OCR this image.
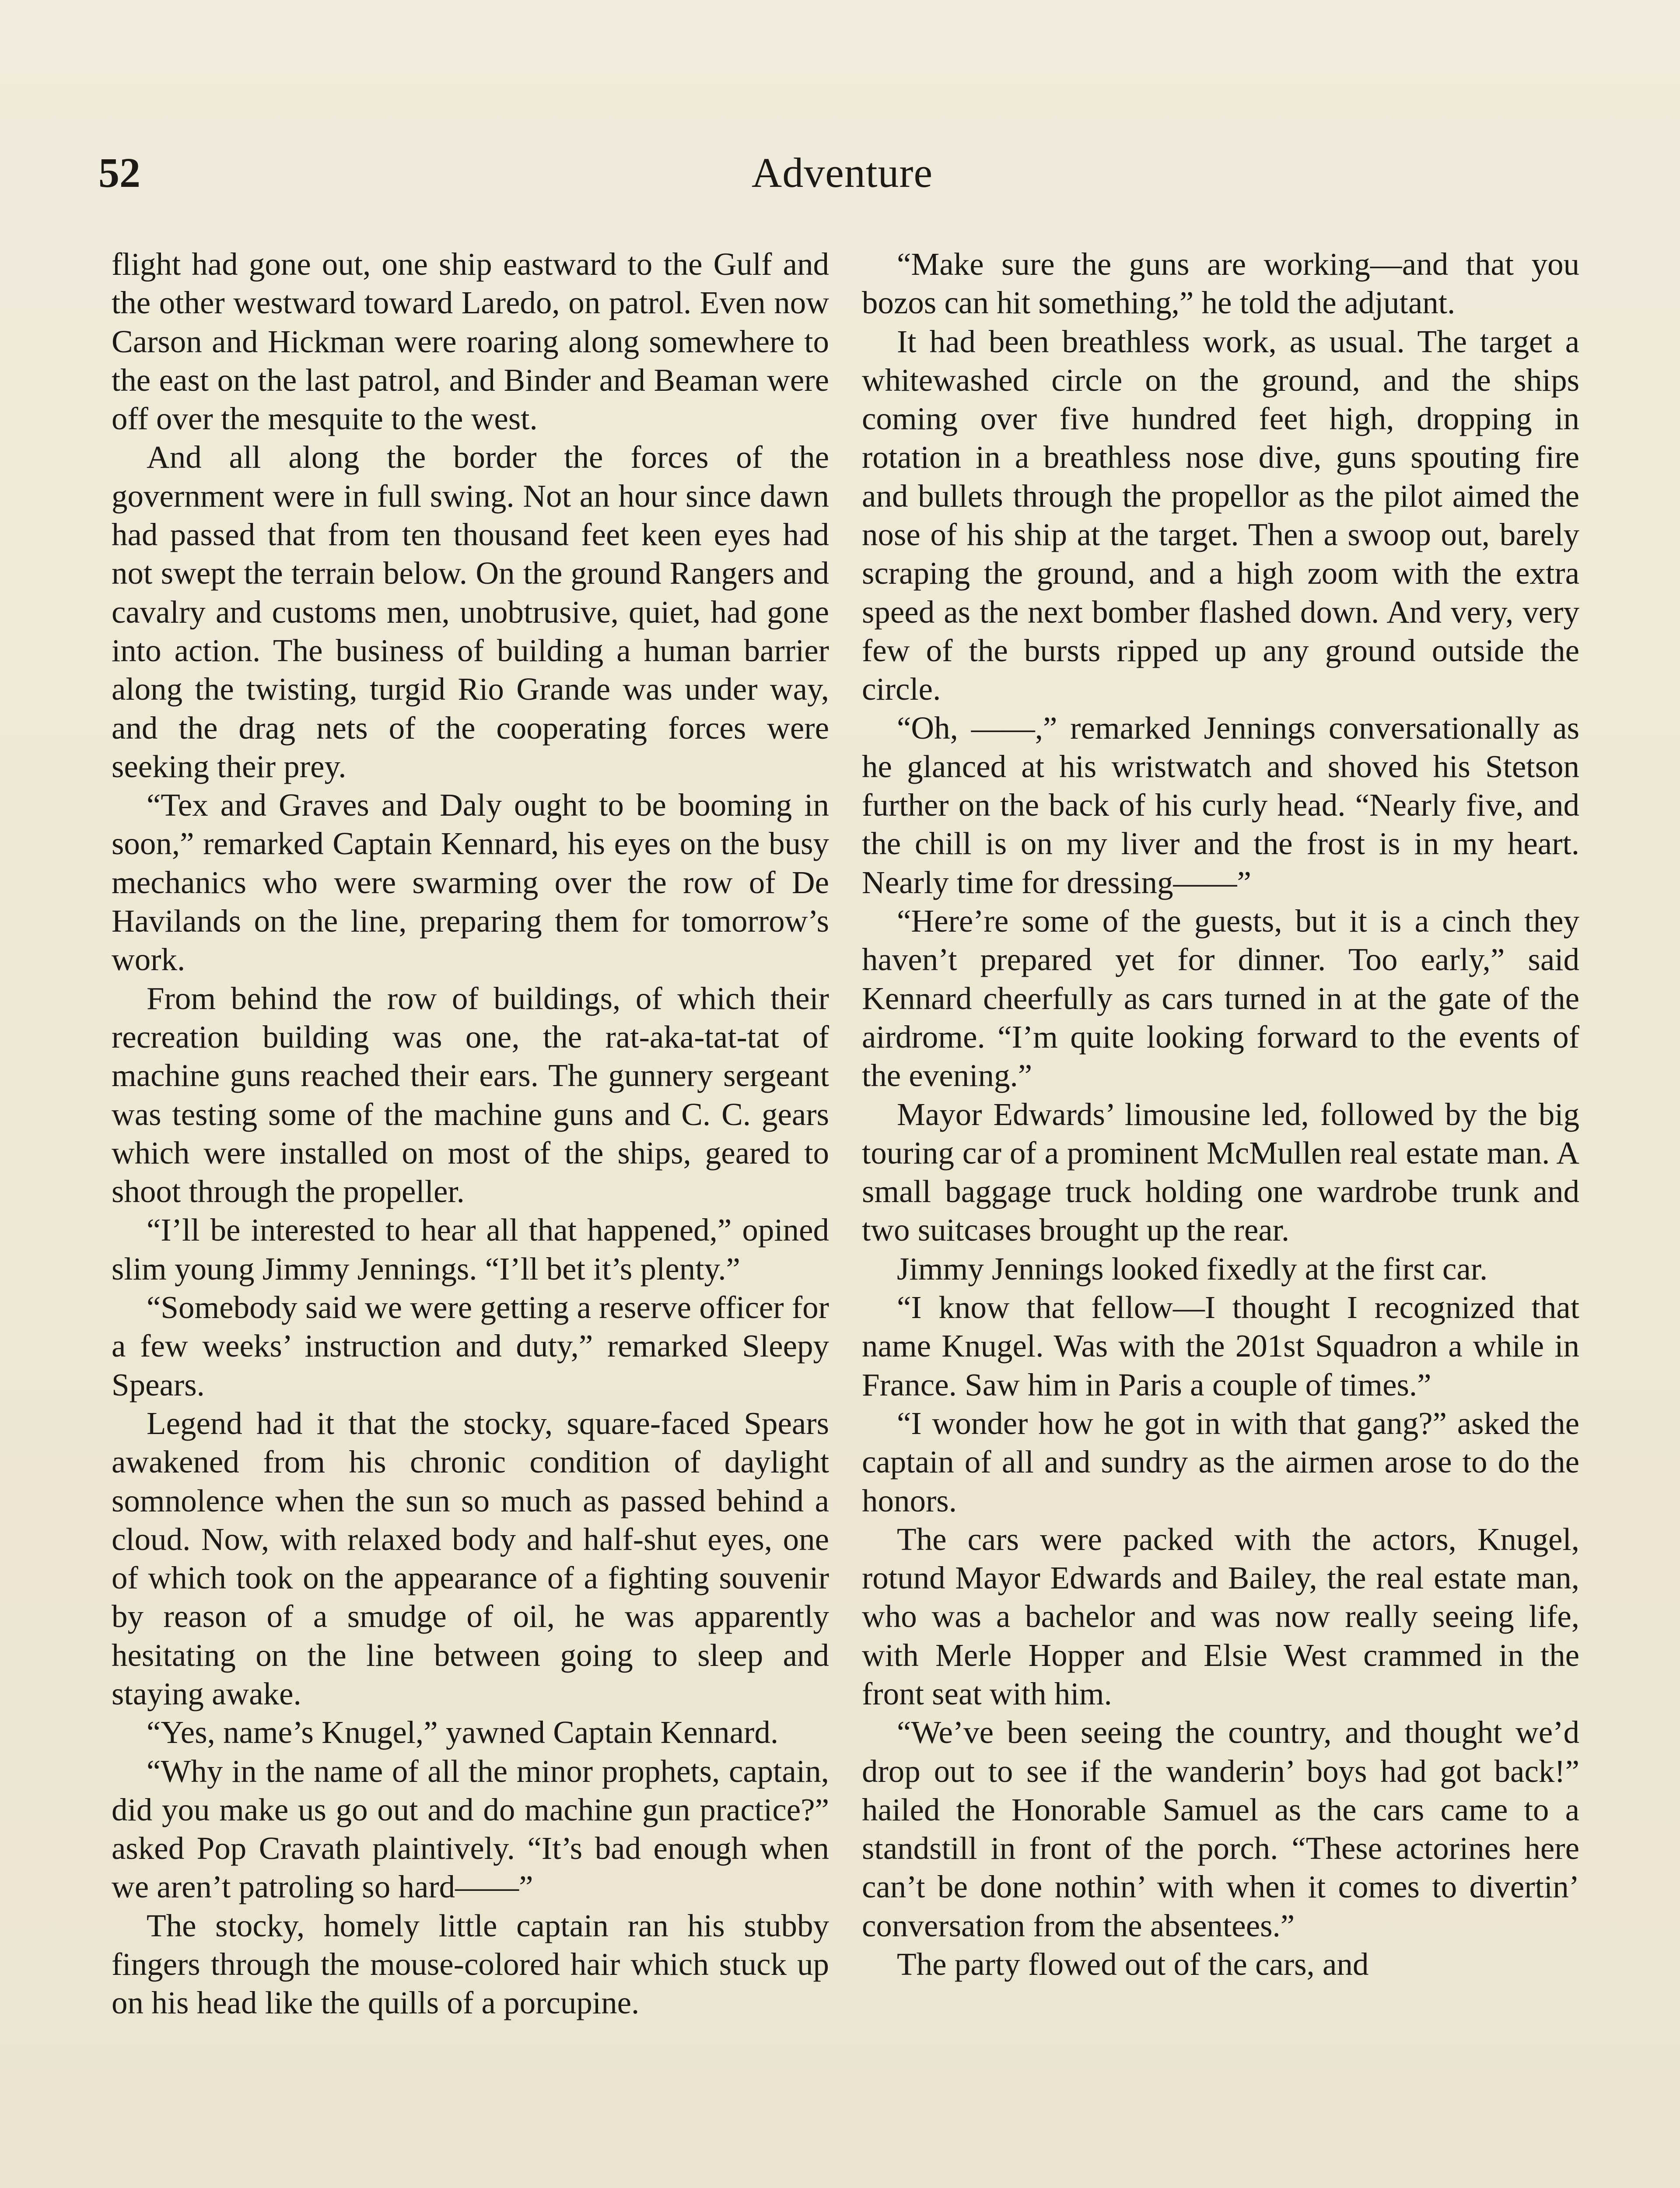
52	Adventure

flight had gone out, one ship eastward to the Gulf and the other westward toward Laredo, on patrol. Even now Carson and Hickman were roaring along somewhere to the east on the last patrol, and Binder and Beaman were off over the mesquite to the west.

And all along the border the forces of the government were in full swing. Not an hour since dawn had passed that from ten thousand feet keen eyes had not swept the terrain below. On the ground Rangers and cavalry and customs men, unobtrusive, quiet, had gone into action. The business of building a human barrier along the twisting, turgid Rio Grande was under way, and the drag nets of the cooperating forces were seeking their prey.

“Tex and Graves and Daly ought to be booming in soon,” remarked Captain Kennard, his eyes on the busy mechanics who were swarming over the row of De Havilands on the line, preparing them for tomorrow’s work.

From behind the row of buildings, of which their recreation building was one, the rat-aka-tat-tat of machine guns reached their ears. The gunnery sergeant was testing some of the machine guns and C. C. gears which were installed on most of the ships, geared to shoot through the propeller.

“I’ll be interested to hear all that happened,” opined slim young Jimmy Jennings. “I’ll bet it’s plenty.”

“Somebody said we were getting a reserve officer for a few weeks’ instruction and duty,” remarked Sleepy Spears.

Legend had it that the stocky, square-faced Spears awakened from his chronic condition of daylight somnolence when the sun so much as passed behind a cloud. Now, with relaxed body and half-shut eyes, one of which took on the appearance of a fighting souvenir by reason of a smudge of oil, he was apparently hesitating on the line between going to sleep and staying awake.

“Yes, name’s Knugel,” yawned Captain Kennard.

“Why in the name of all the minor prophets, captain, did you make us go out and do machine gun practice?” asked Pop Cravath plaintively. “It’s bad enough when we aren’t patroling so hard——”

The stocky, homely little captain ran his stubby fingers through the mouse-colored hair which stuck up on his head like the quills of a porcupine.

“Make sure the guns are working—and that you bozos can hit something,” he told the adjutant.

It had been breathless work, as usual. The target a whitewashed circle on the ground, and the ships coming over five hundred feet high, dropping in rotation in a breathless nose dive, guns spouting fire and bullets through the propellor as the pilot aimed the nose of his ship at the target. Then a swoop out, barely scraping the ground, and a high zoom with the extra speed as the next bomber flashed down. And very, very few of the bursts ripped up any ground outside the circle.

“Oh, ——,” remarked Jennings conversationally as he glanced at his wristwatch and shoved his Stetson further on the back of his curly head. “Nearly five, and the chill is on my liver and the frost is in my heart. Nearly time for dressing——”

“Here’re some of the guests, but it is a cinch they haven’t prepared yet for dinner. Too early,” said Kennard cheerfully as cars turned in at the gate of the airdrome. “I’m quite looking forward to the events of the evening.”

Mayor Edwards’ limousine led, followed by the big touring car of a prominent McMullen real estate man. A small baggage truck holding one wardrobe trunk and two suitcases brought up the rear.

Jimmy Jennings looked fixedly at the first car.

“I know that fellow—I thought I recognized that name Knugel. Was with the 201st Squadron a while in France. Saw him in Paris a couple of times.”

“I wonder how he got in with that gang?” asked the captain of all and sundry as the airmen arose to do the honors.

The cars were packed with the actors, Knugel, rotund Mayor Edwards and Bailey, the real estate man, who was a bachelor and was now really seeing life, with Merle Hopper and Elsie West crammed in the front seat with him.

“We’ve been seeing the country, and thought we’d drop out to see if the wanderin’ boys had got back!” hailed the Honorable Samuel as the cars came to a standstill in front of the porch. “These actorines here can’t be done nothin’ with when it comes to divertin’ conversation from the absentees.”

The party flowed out of the cars, and
